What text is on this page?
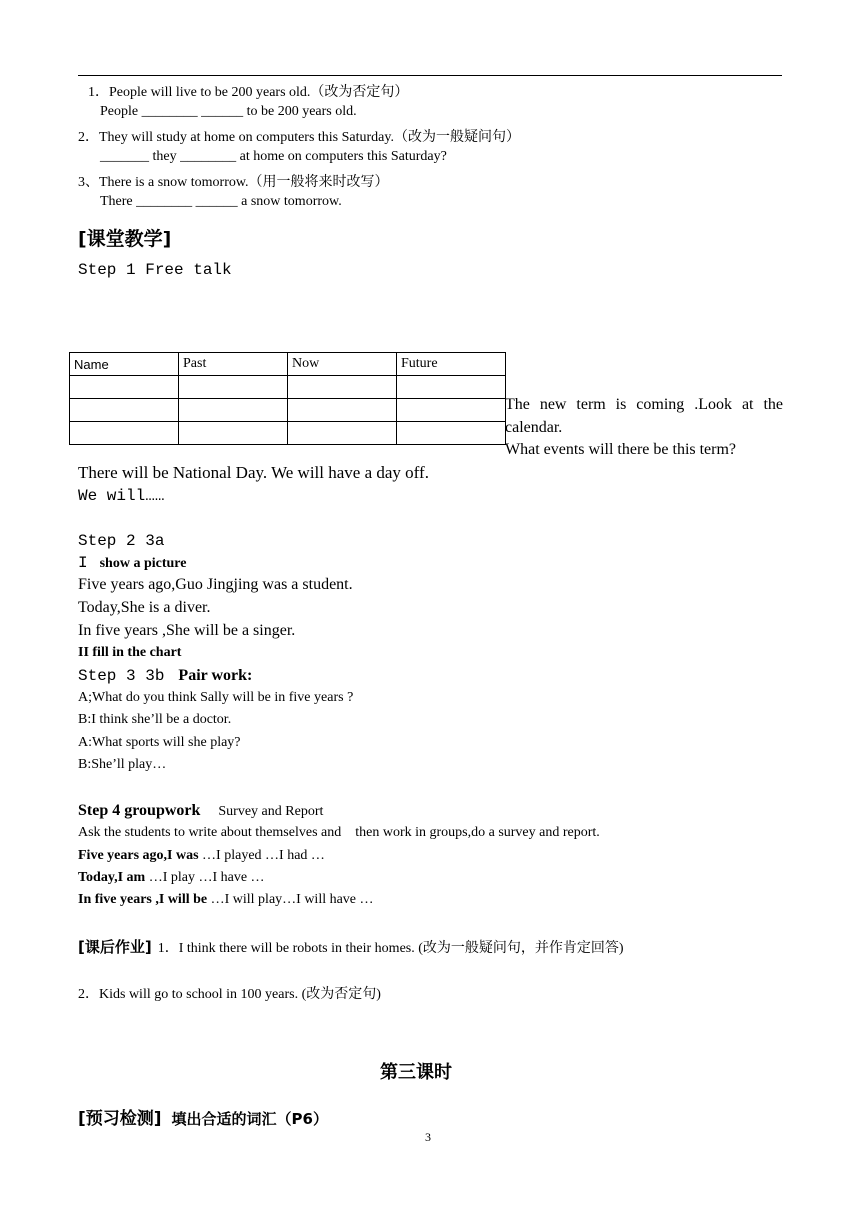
1．People will live to be 200 years old.（改为否定句）
People ________ ______ to be 200 years old.
2．They will study at home on computers this Saturday.（改为一般疑问句）
_______ they ________ at home on computers this Saturday?
3、There is a snow tomorrow.（用一般将来时改写）
There ________ ______ a snow tomorrow.
[课堂教学]
Step 1 Free talk
Name	Past	Now	Future

The new term is coming .Look at the calendar.

What events will there be this term?

There will be National Day. We will have a day off.
We will……
Step 2 3a
I show a picture
Five years ago,Guo Jingjing was a student.
Today,She is a diver.
In five years ,She will be a singer.
II fill in the chart
Step 3 3b Pair work:
A;What do you think Sally will be in five years ?
B:I think she’ll be a doctor.
A:What sports will she play?
B:She’ll play…
Step 4 groupwork Survey and Report
Ask the students to write about themselves and    then work in groups,do a survey and report.
Five years ago,I was …I played …I had …
Today,I am …I play …I have …
In five years ,I will be …I will play…I will have …
[课后作业] 1．I think there will be robots in their homes. (改为一般疑问句，并作肯定回答)
2．Kids will go to school in 100 years. (改为否定句)
第三课时
[预习检测] 填出合适的词汇（P6）
3
